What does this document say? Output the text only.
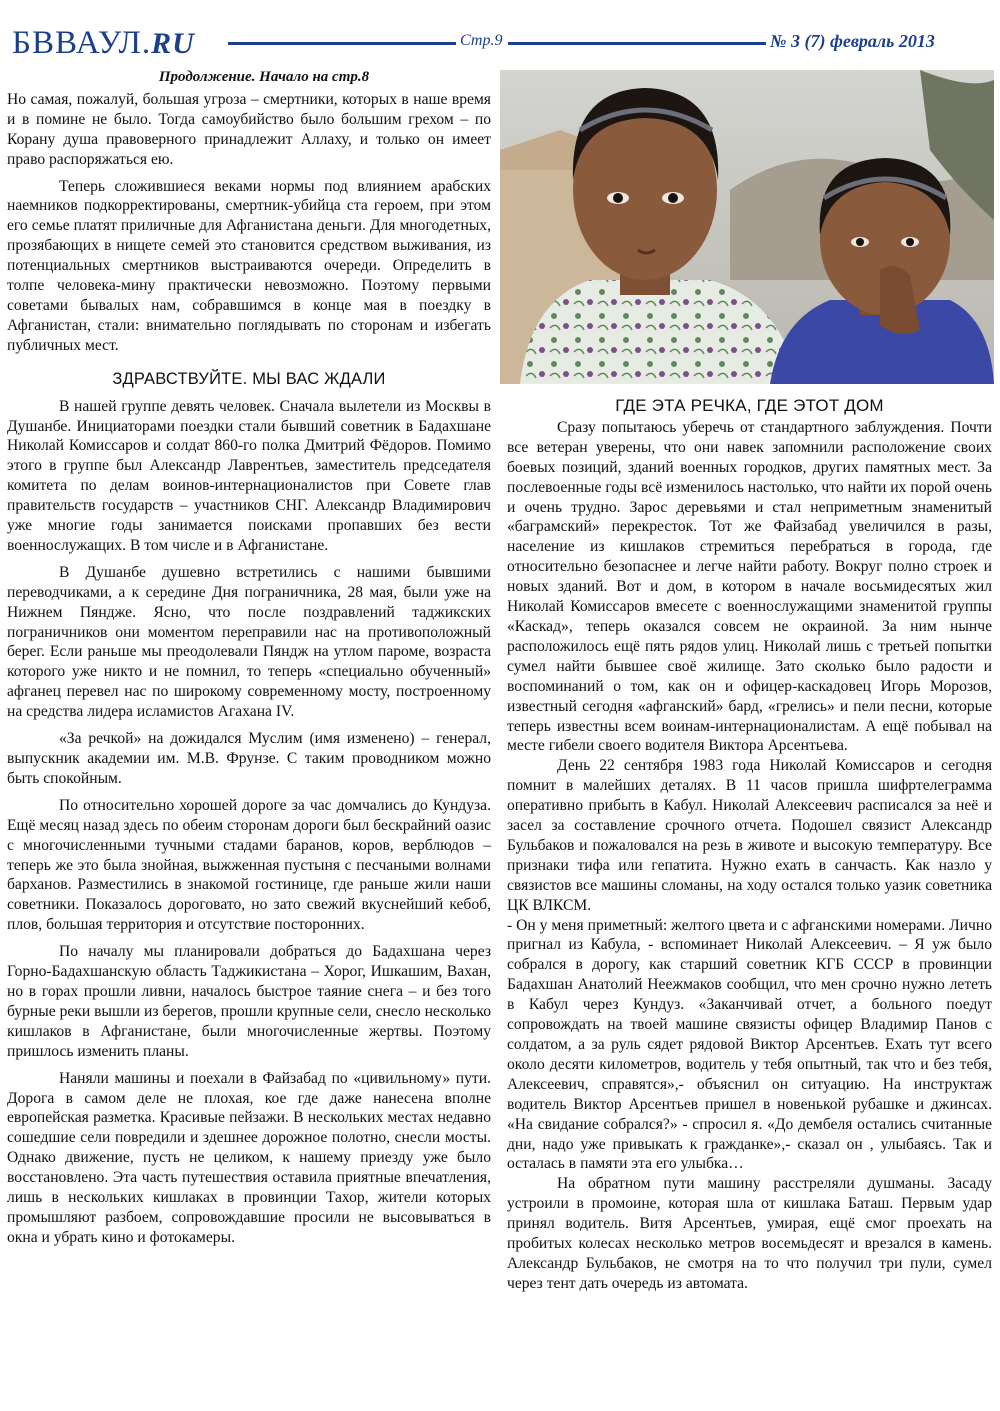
БВВАУЛ.RU	Стр.9	№ 3 (7) февраль 2013
Продолжение. Начало на стр.8

Но самая, пожалуй, большая угроза – смертники, которых в наше время и в помине не было. Тогда самоубийство было большим грехом – по Корану душа правоверного принадлежит Аллаху, и только он имеет право распоряжаться ею.

Теперь сложившиеся веками нормы под влиянием арабских наемников подкорректированы, смертник-убийца ста героем, при этом его семье платят приличные для Афганистана деньги. Для многодетных, прозябающих в нищете семей это становится средством выживания, из потенциальных смертников выстраиваются очереди. Определить в толпе человека-мину практически невозможно. Поэтому первыми советами бывалых нам, собравшимся в конце мая в поездку в Афганистан, стали: внимательно поглядывать по сторонам и избегать публичных мест.

ЗДРАВСТВУЙТЕ. МЫ ВАС ЖДАЛИ

В нашей группе девять человек. Сначала вылетели из Москвы в Душанбе. Инициаторами поездки стали бывший советник в Бадахшане Николай Комиссаров и солдат 860-го полка Дмитрий Фёдоров. Помимо этого в группе был Александр Лаврентьев, заместитель председателя комитета по делам воинов-интернационалистов при Совете глав правительств государств – участников СНГ. Александр Владимирович уже многие годы занимается поисками пропавших без вести военнослужащих. В том числе и в Афганистане.

В Душанбе душевно встретились с нашими бывшими переводчиками, а к середине Дня пограничника, 28 мая, были уже на Нижнем Пяндже. Ясно, что после поздравлений таджикских пограничников они моментом переправили нас на противоположный берег. Если раньше мы преодолевали Пяндж на утлом пароме, возраста которого уже никто и не помнил, то теперь «специально обученный» афганец перевел нас по широкому современному мосту, построенному на средства лидера исламистов Агахана IV.

«За речкой» на дожидался Муслим (имя изменено) – генерал, выпускник академии им. М.В. Фрунзе. С таким проводником можно быть спокойным.

По относительно хорошей дороге за час домчались до Кундуза. Ещё месяц назад здесь по обеим сторонам дороги был бескрайний оазис с многочисленными тучными стадами баранов, коров, верблюдов – теперь же это была знойная, выжженная пустыня с песчаными волнами барханов. Разместились в знакомой гостинице, где раньше жили наши советники. Показалось дороговато, но зато свежий вкуснейший кебоб, плов, большая территория и отсутствие посторонних.

По началу мы планировали добраться до Бадахшана через Горно-Бадахшанскую область Таджикистана – Хорог, Ишкашим, Вахан, но в горах прошли ливни, началось быстрое таяние снега – и без того бурные реки вышли из берегов, прошли крупные сели, снесло несколько кишлаков в Афганистане, были многочисленные жертвы. Поэтому пришлось изменить планы.

Наняли машины и поехали в Файзабад по «цивильному» пути. Дорога в самом деле не плохая, кое где даже нанесена вполне европейская разметка. Красивые пейзажи. В нескольких местах недавно сошедшие сели повредили и здешнее дорожное полотно, снесли мосты. Однако движение, пусть не целиком, к нашему приезду уже было восстановлено. Эта часть путешествия оставила приятные впечатления, лишь в нескольких кишлаках в провинции Тахор, жители которых промышляют разбоем, сопровождавшие просили не высовываться в окна и убрать кино и фотокамеры.

ГДЕ ЭТА РЕЧКА, ГДЕ ЭТОТ ДОМ

Сразу попытаюсь уберечь от стандартного заблуждения. Почти все ветеран уверены, что они навек запомнили расположение своих боевых позиций, зданий военных городков, других памятных мест. За послевоенные годы всё изменилось настолько, что найти их порой очень и очень трудно. Зарос деревьями и стал неприметным знаменитый «баграмский» перекресток. Тот же Файзабад увеличился в разы, население из кишлаков стремиться перебраться в города, где относительно безопаснее и легче найти работу. Вокруг полно строек и новых зданий. Вот и дом, в котором в начале восьмидесятых жил Николай Комиссаров вмесете с военнослужащими знаменитой группы «Каскад», теперь оказался совсем не окраиной. За ним нынче расположилось ещё пять рядов улиц. Николай лишь с третьей попытки сумел найти бывшее своё жилище. Зато сколько было радости и воспоминаний о том, как он и офицер-каскадовец Игорь Морозов, известный сегодня «афганский» бард, «грелись» и пели песни, которые теперь известны всем воинам-интернационалистам. А ещё побывал на месте гибели своего водителя Виктора Арсентьева.

День 22 сентября 1983 года Николай Комиссаров и сегодня помнит в малейших деталях. В 11 часов пришла шифртелеграмма оперативно прибыть в Кабул. Николай Алексеевич расписался за неё и засел за составление срочного отчета. Подошел связист Александр Бульбаков и пожаловался на резь в животе и высокую температуру. Все признаки тифа или гепатита. Нужно ехать в санчасть. Как назло у связистов все машины сломаны, на ходу остался только уазик советника ЦК ВЛКСМ.

- Он у меня приметный: желтого цвета и с афганскими номерами. Лично пригнал из Кабула, - вспоминает Николай Алексеевич. – Я уж было собрался в дорогу, как старший советник КГБ СССР в провинции Бадахшан Анатолий Неежмаков сообщил, что мен срочно нужно лететь в Кабул через Кундуз. «Заканчивай отчет, а больного поедут сопровождать на твоей машине связисты офицер Владимир Панов с солдатом, а за руль сядет рядовой Виктор Арсентьев. Ехать тут всего около десяти километров, водитель у тебя опытный, так что и без тебя, Алексеевич, справятся»,- объяснил он ситуацию. На инструктаж водитель Виктор Арсентьев пришел в новенькой рубашке и джинсах. «На свидание собрался?» - спросил я. «До дембеля остались считанные дни, надо уже привыкать к гражданке»,- сказал он , улыбаясь. Так и осталась в памяти эта его улыбка…

На обратном пути машину расстреляли душманы. Засаду устроили в промоине, которая шла от кишлака Баташ. Первым удар принял водитель. Витя Арсентьев, умирая, ещё смог проехать на пробитых колесах несколько метров восемьдесят и врезался в камень. Александр Бульбаков, не смотря на то что получил три пули, сумел через тент дать очередь из автомата.
